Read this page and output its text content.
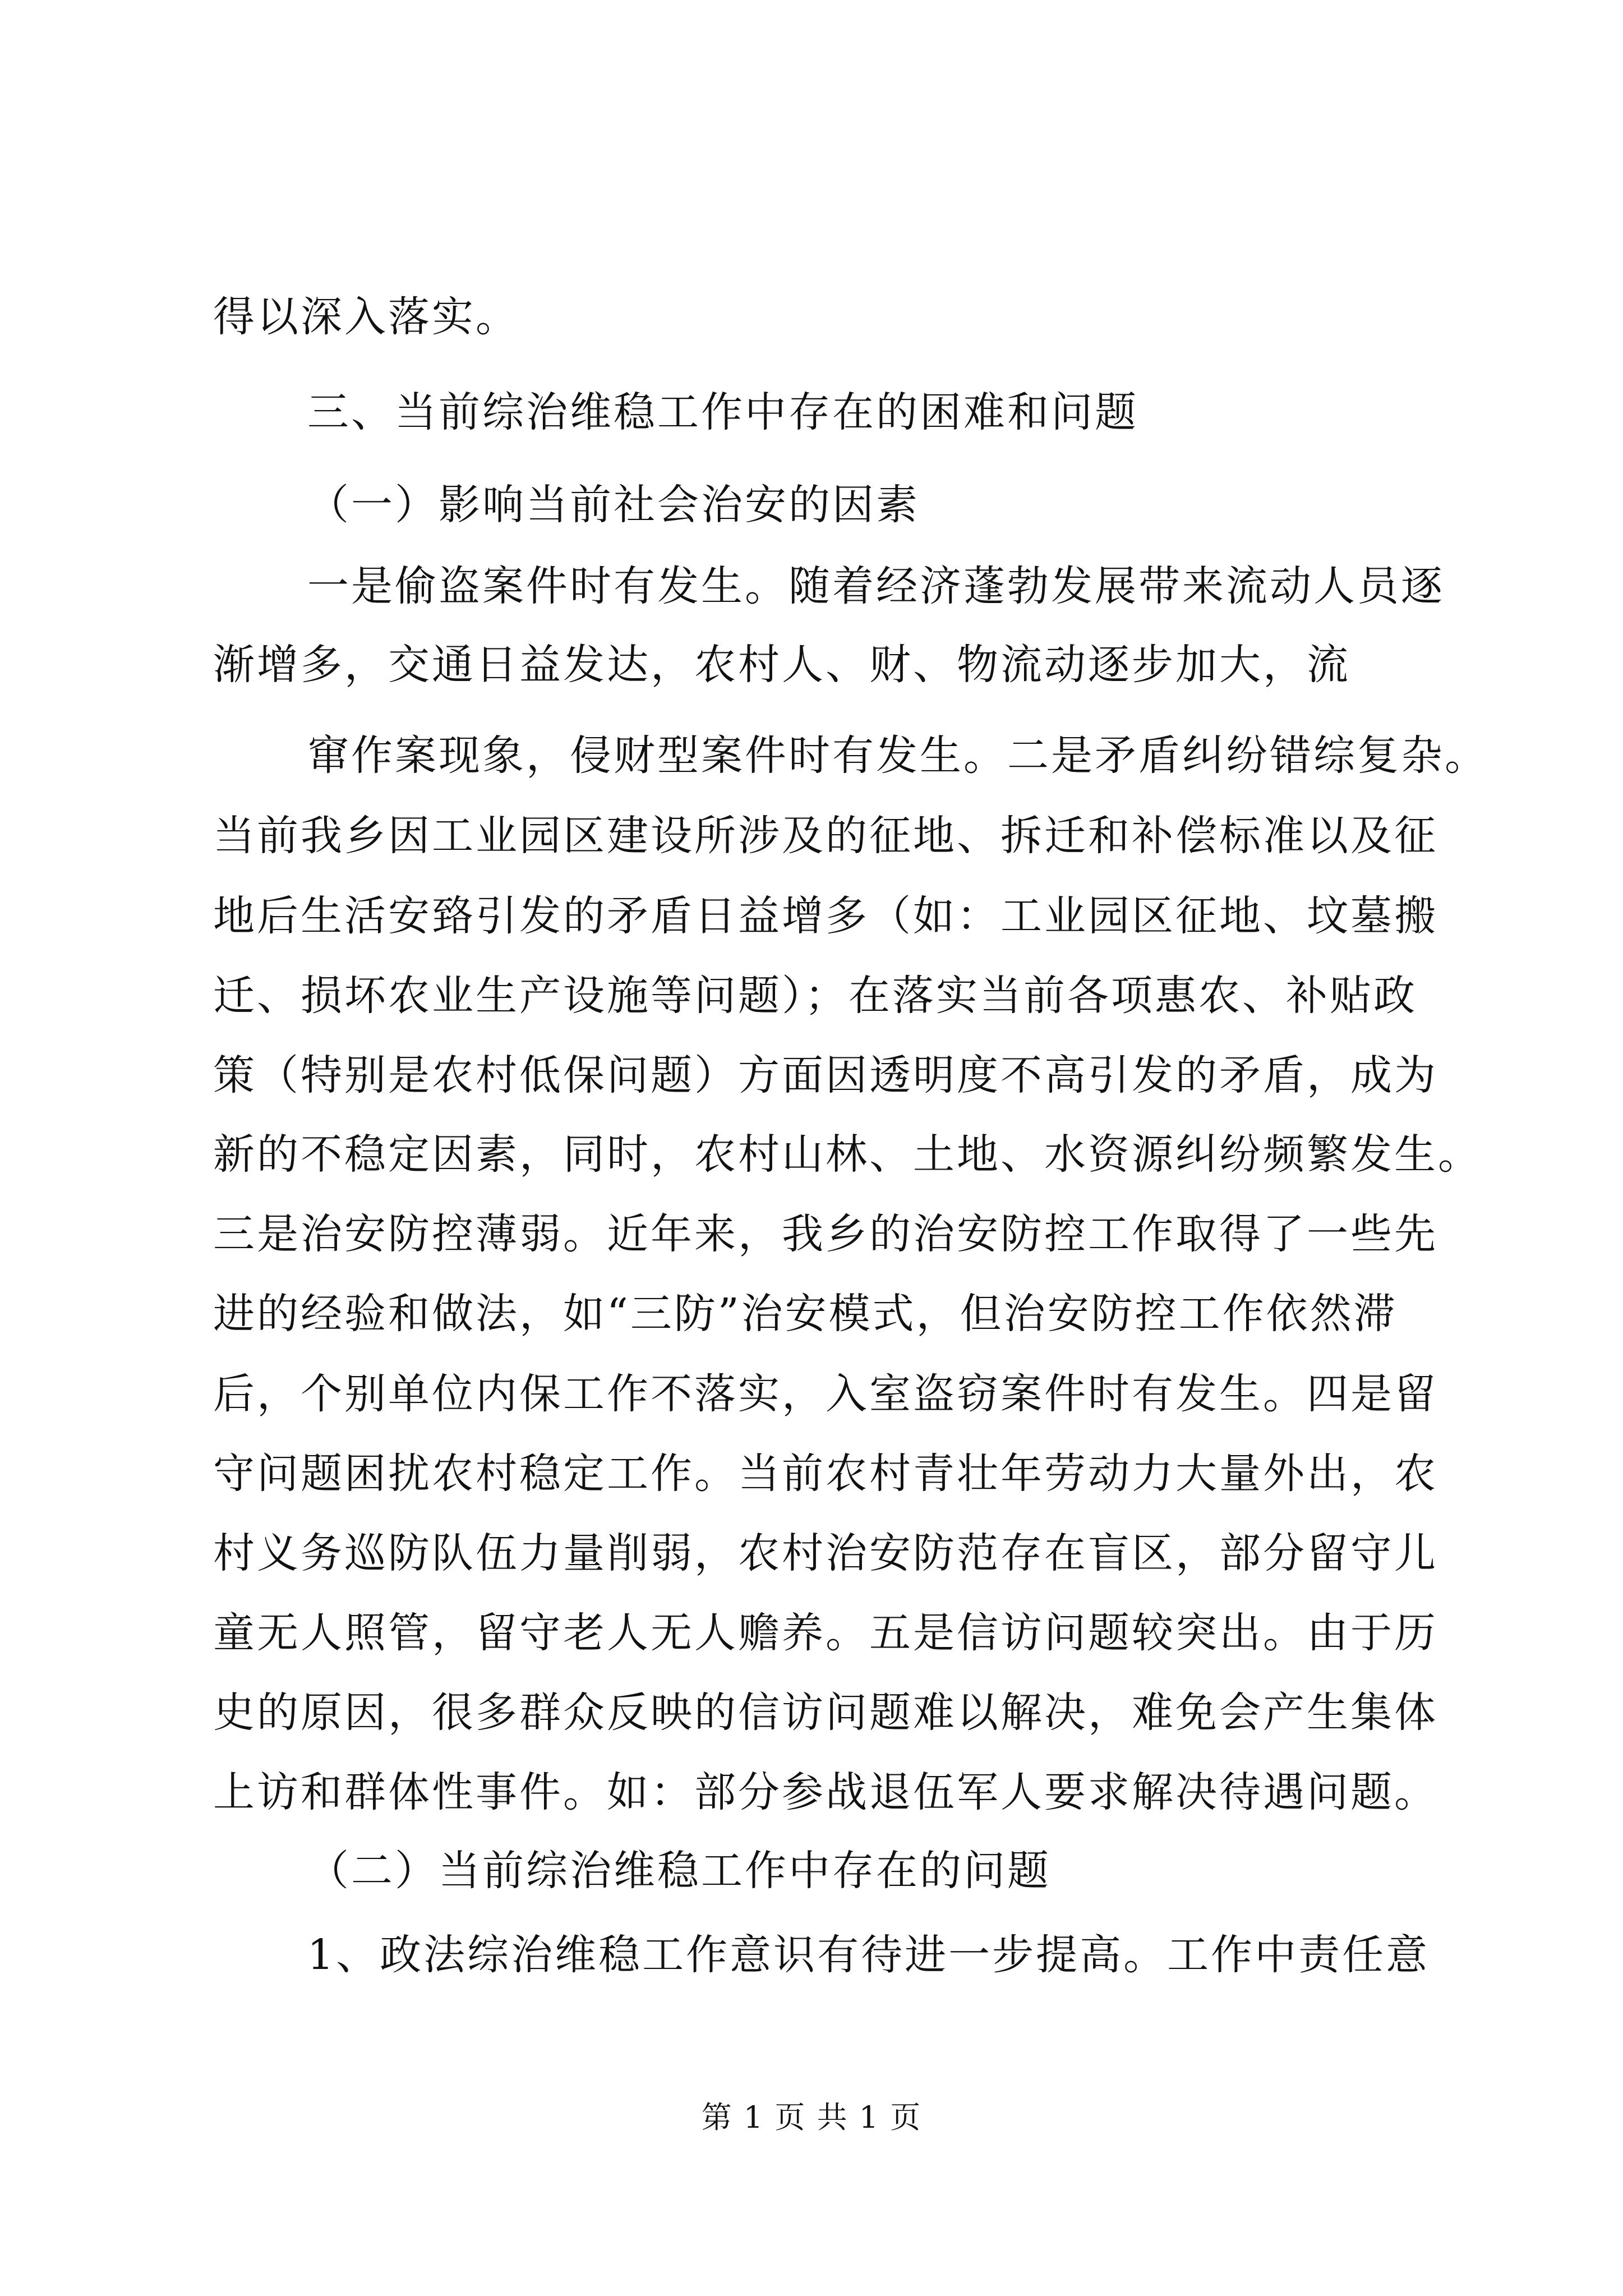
得以深入落实。
三、当前综治维稳工作中存在的困难和问题
（一）影响当前社会治安的因素
一是偷盗案件时有发生。随着经济蓬勃发展带来流动人员逐
渐增多，交通日益发达，农村人、财、物流动逐步加大，流
窜作案现象，侵财型案件时有发生。二是矛盾纠纷错综复杂。
当前我乡因工业园区建设所涉及的征地、拆迁和补偿标准以及征
地后生活安臵引发的矛盾日益增多（如：工业园区征地、坟墓搬
迁、损坏农业生产设施等问题）；在落实当前各项惠农、补贴政
策（特别是农村低保问题）方面因透明度不高引发的矛盾，成为
新的不稳定因素，同时，农村山林、土地、水资源纠纷频繁发生。
三是治安防控薄弱。近年来，我乡的治安防控工作取得了一些先
进的经验和做法，如“三防”治安模式，但治安防控工作依然滞
后，个别单位内保工作不落实，入室盗窃案件时有发生。四是留
守问题困扰农村稳定工作。当前农村青壮年劳动力大量外出，农
村义务巡防队伍力量削弱，农村治安防范存在盲区，部分留守儿
童无人照管，留守老人无人赡养。五是信访问题较突出。由于历
史的原因，很多群众反映的信访问题难以解决，难免会产生集体
上访和群体性事件。如：部分参战退伍军人要求解决待遇问题。
（二）当前综治维稳工作中存在的问题
1、政法综治维稳工作意识有待进一步提高。工作中责任意
第 1 页 共 1 页
